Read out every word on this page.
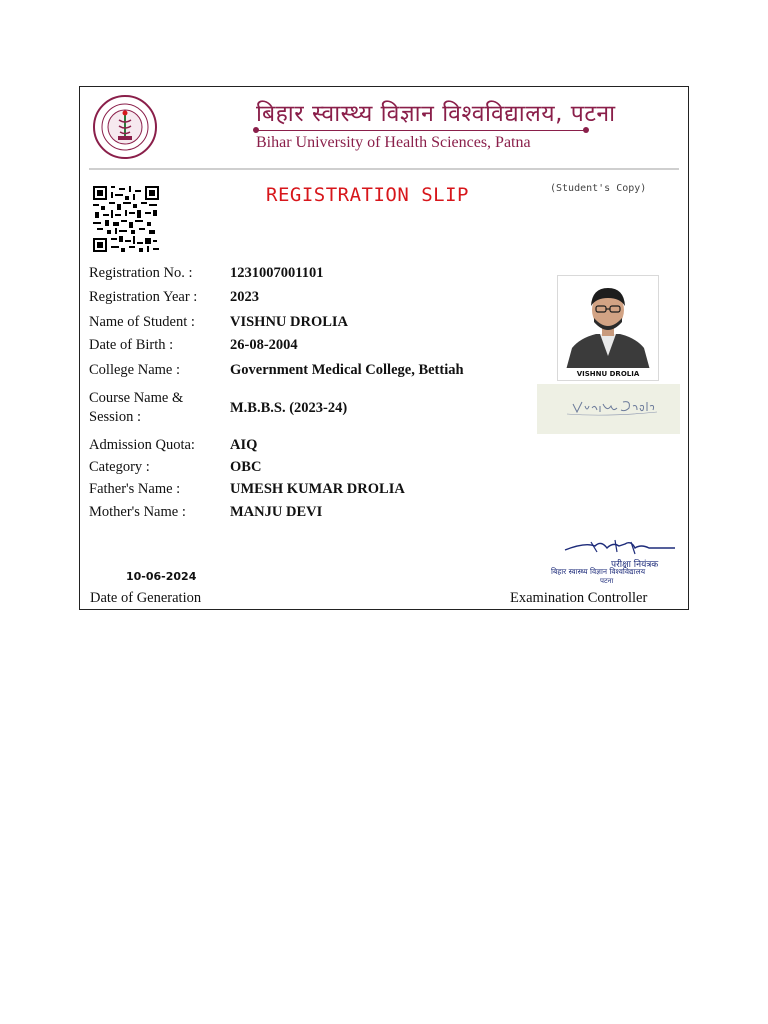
बिहार स्वास्थ्य विज्ञान विश्वविद्यालय, पटना
Bihar University of Health Sciences, Patna
REGISTRATION SLIP	(Student's Copy)
Registration No. :	1231007001101
Registration Year : 2023
Name of Student : VISHNU DROLIA
Date of Birth :	26-08-2004
College Name :	Government Medical College, Bettiah
Course Name &
Session :
M.B.B.S. (2023-24)
Admission Quota: AIQ
Category :	OBC
Father's Name :	UMESH KUMAR DROLIA
Mother's Name :	MANJU DEVI
VISHNU DROLIA
परीक्षा नियंत्रक
बिहार स्वास्थ्य विज्ञान विश्वविद्यालय
पटना
10-06-2024
Date of Generation	Examination Controller
